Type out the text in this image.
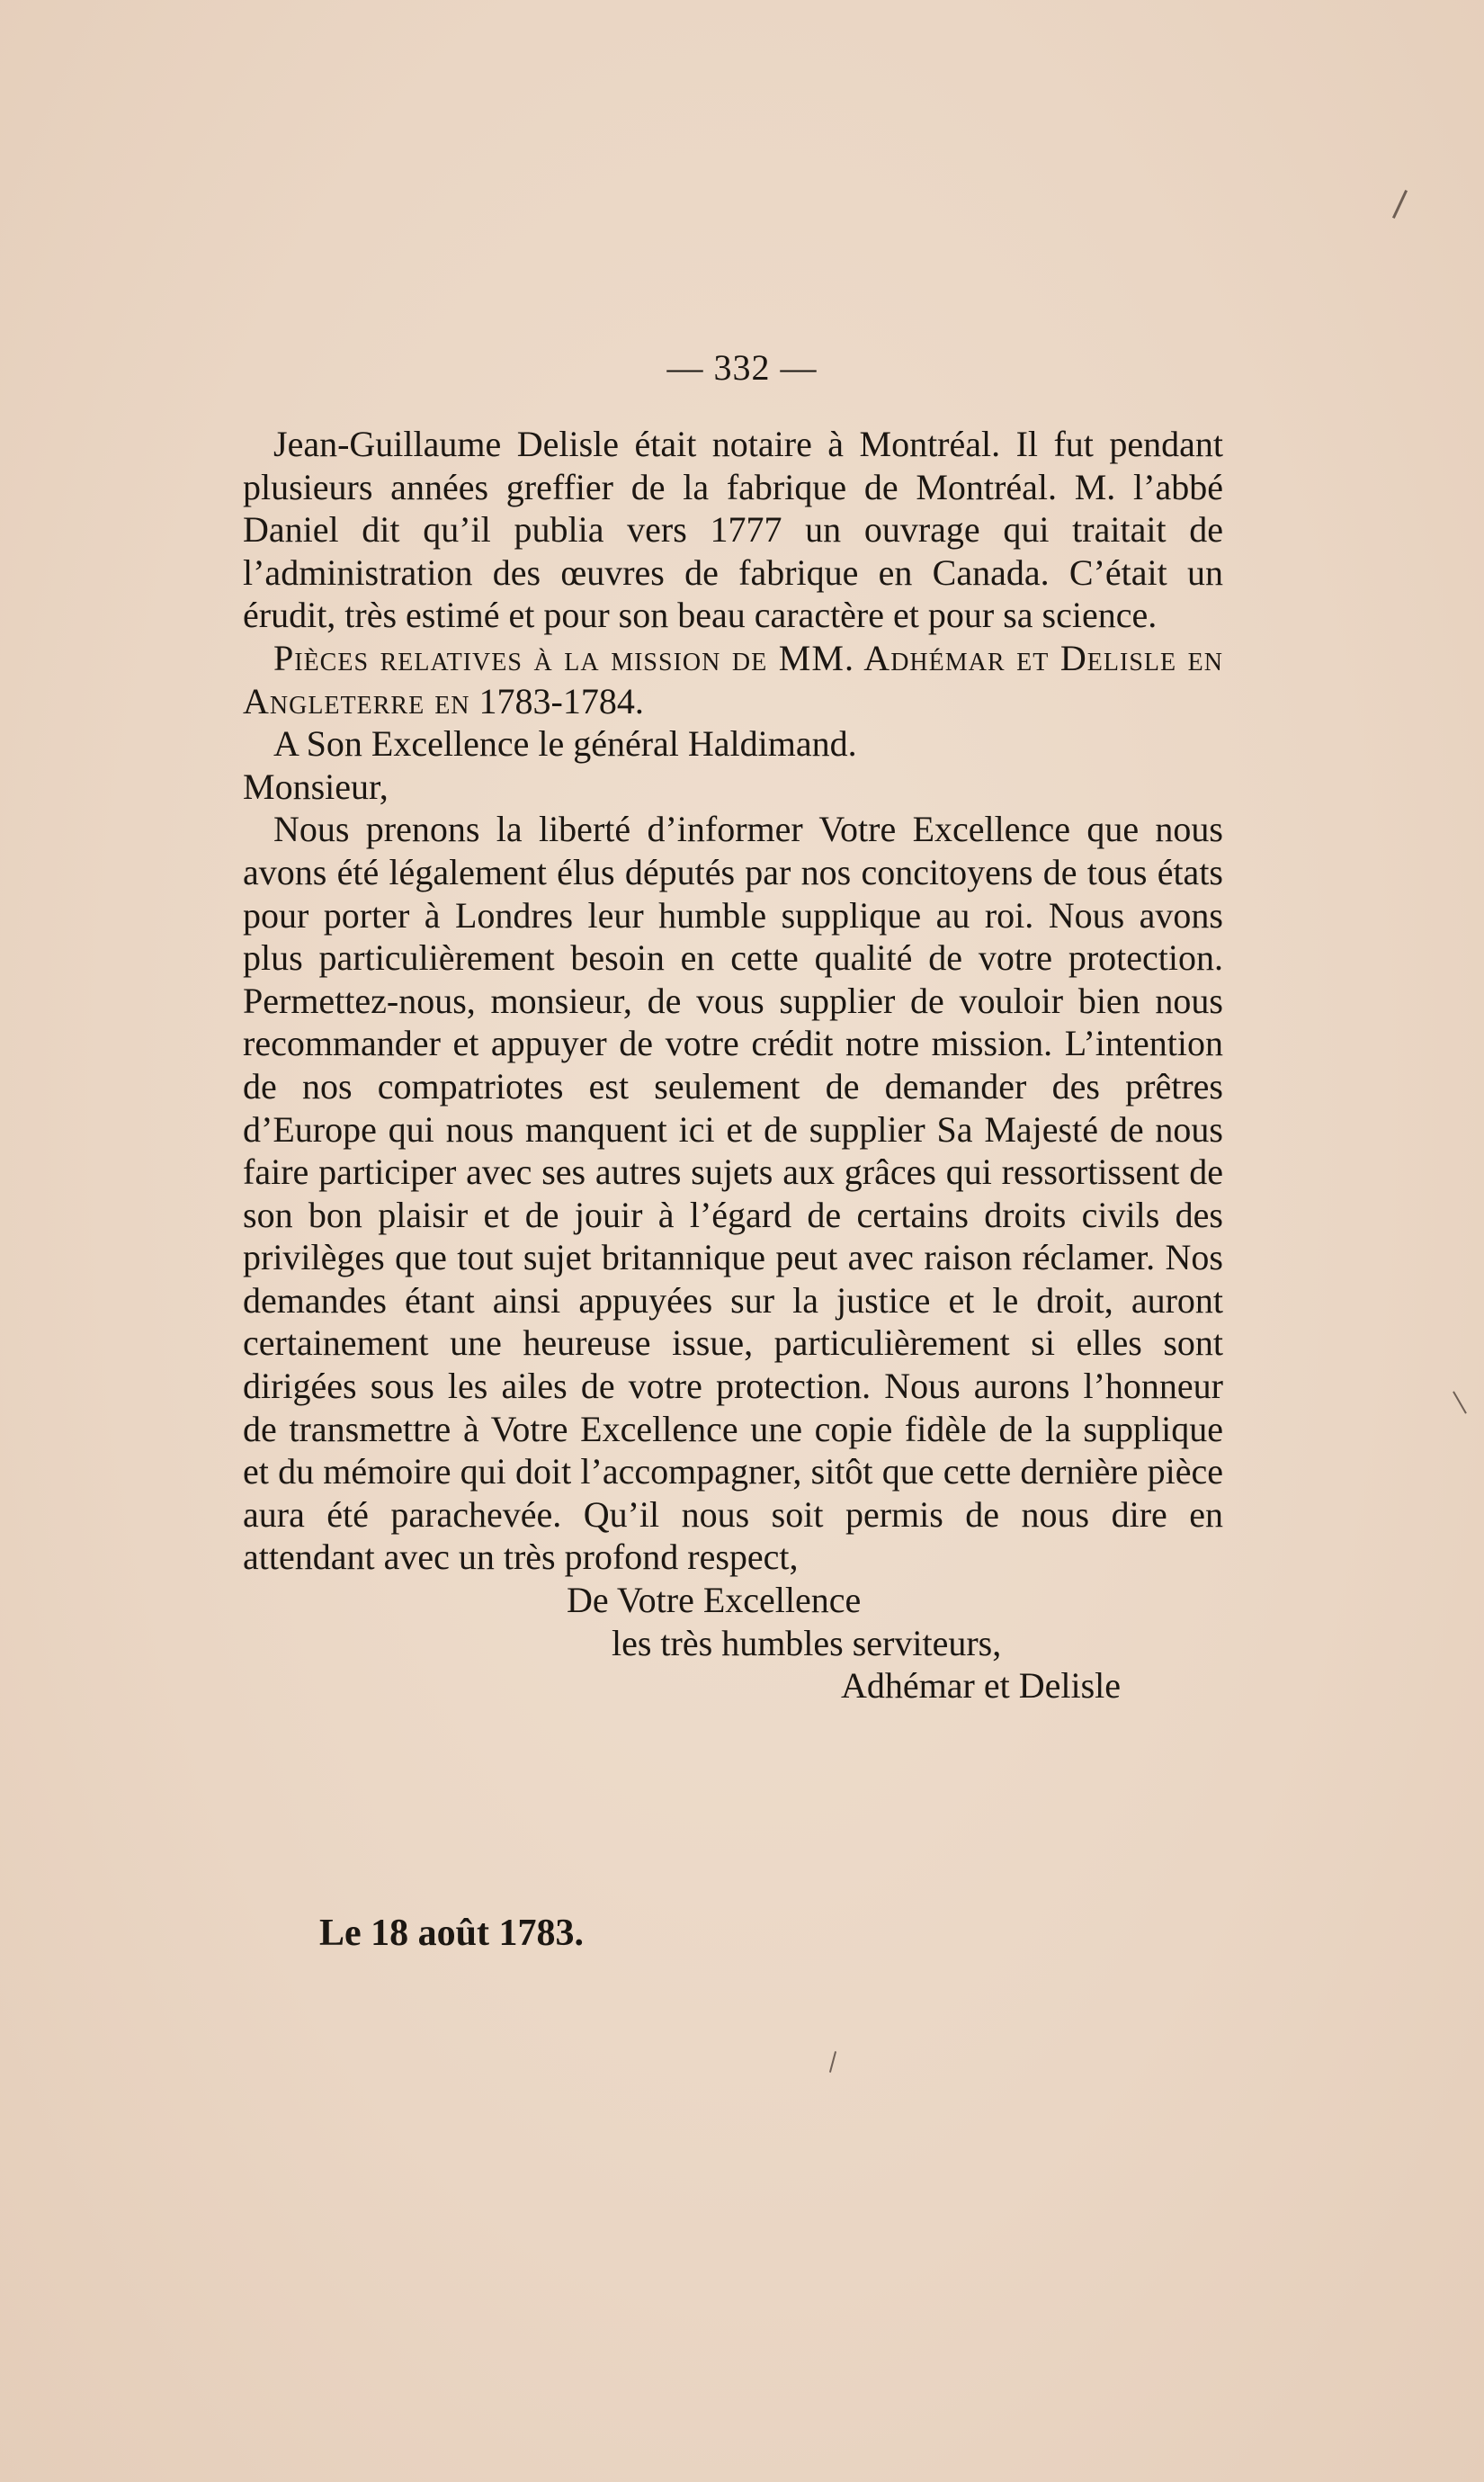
— 332 —

Jean-Guillaume Delisle était notaire à Montréal. Il fut pendant plusieurs années greffier de la fabrique de Montréal. M. l’abbé Daniel dit qu’il publia vers 1777 un ouvrage qui traitait de l’administration des œuvres de fabrique en Canada. C’était un érudit, très estimé et pour son beau caractère et pour sa science.

Pièces relatives à la mission de MM. Adhémar et Delisle en Angleterre en 1783-1784.

A Son Excellence le général Haldimand.

Monsieur,

Nous prenons la liberté d’informer Votre Excellence que nous avons été légalement élus députés par nos concitoyens de tous états pour porter à Londres leur humble supplique au roi. Nous avons plus particulièrement besoin en cette qualité de votre protection. Permettez-nous, monsieur, de vous supplier de vouloir bien nous recommander et appuyer de votre crédit notre mission. L’intention de nos compatriotes est seulement de demander des prêtres d’Europe qui nous manquent ici et de supplier Sa Majesté de nous faire participer avec ses autres sujets aux grâces qui ressortissent de son bon plaisir et de jouir à l’égard de certains droits civils des privilèges que tout sujet britannique peut avec raison réclamer. Nos demandes étant ainsi appuyées sur la justice et le droit, auront certainement une heureuse issue, particulièrement si elles sont dirigées sous les ailes de votre protection. Nous aurons l’honneur de transmettre à Votre Excellence une copie fidèle de la supplique et du mémoire qui doit l’accompagner, sitôt que cette dernière pièce aura été parachevée. Qu’il nous soit permis de nous dire en attendant avec un très profond respect,

De Votre Excellence

les très humbles serviteurs,

Adhémar et Delisle

Le 18 août 1783.
